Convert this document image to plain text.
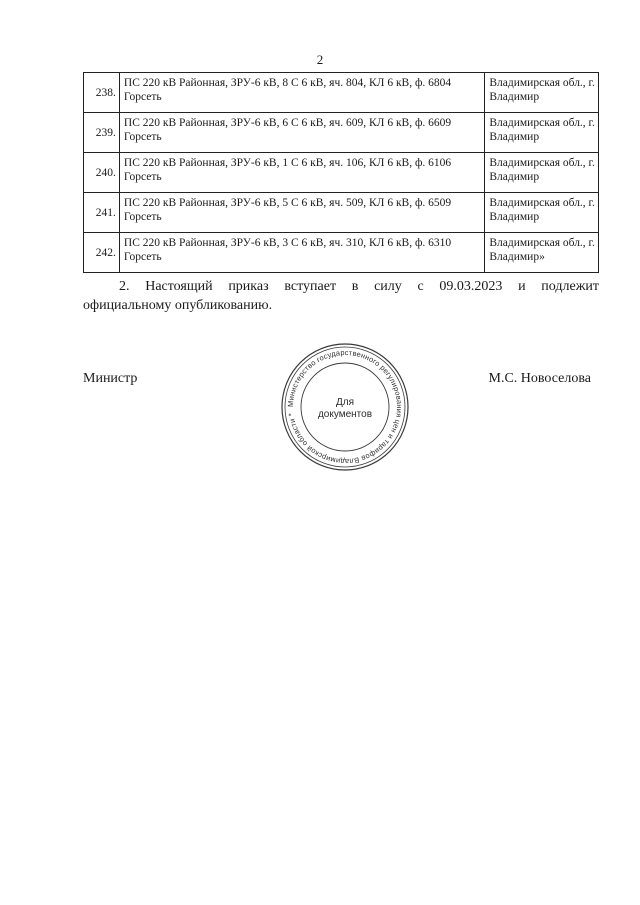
2
238.	ПС 220 кВ Районная, ЗРУ-6 кВ, 8 С 6 кВ, яч. 804, КЛ 6 кВ, ф. 6804 Горсеть	Владимирская обл., г. Владимир
239.	ПС 220 кВ Районная, ЗРУ-6 кВ, 6 С 6 кВ, яч. 609, КЛ 6 кВ, ф. 6609 Горсеть	Владимирская обл., г. Владимир
240.	ПС 220 кВ Районная, ЗРУ-6 кВ, 1 С 6 кВ, яч. 106, КЛ 6 кВ, ф. 6106 Горсеть	Владимирская обл., г. Владимир
241.	ПС 220 кВ Районная, ЗРУ-6 кВ, 5 С 6 кВ, яч. 509, КЛ 6 кВ, ф. 6509 Горсеть	Владимирская обл., г. Владимир
242.	ПС 220 кВ Районная, ЗРУ-6 кВ, 3 С 6 кВ, яч. 310, КЛ 6 кВ, ф. 6310 Горсеть	Владимирская обл., г. Владимир»
2. Настоящий приказ вступает в силу с 09.03.2023 и подлежит
официальному опубликованию.
Министр	М.С. Новоселова
Министерство государственного регулирования цен и тарифов Владимирской области *
Для
документов
